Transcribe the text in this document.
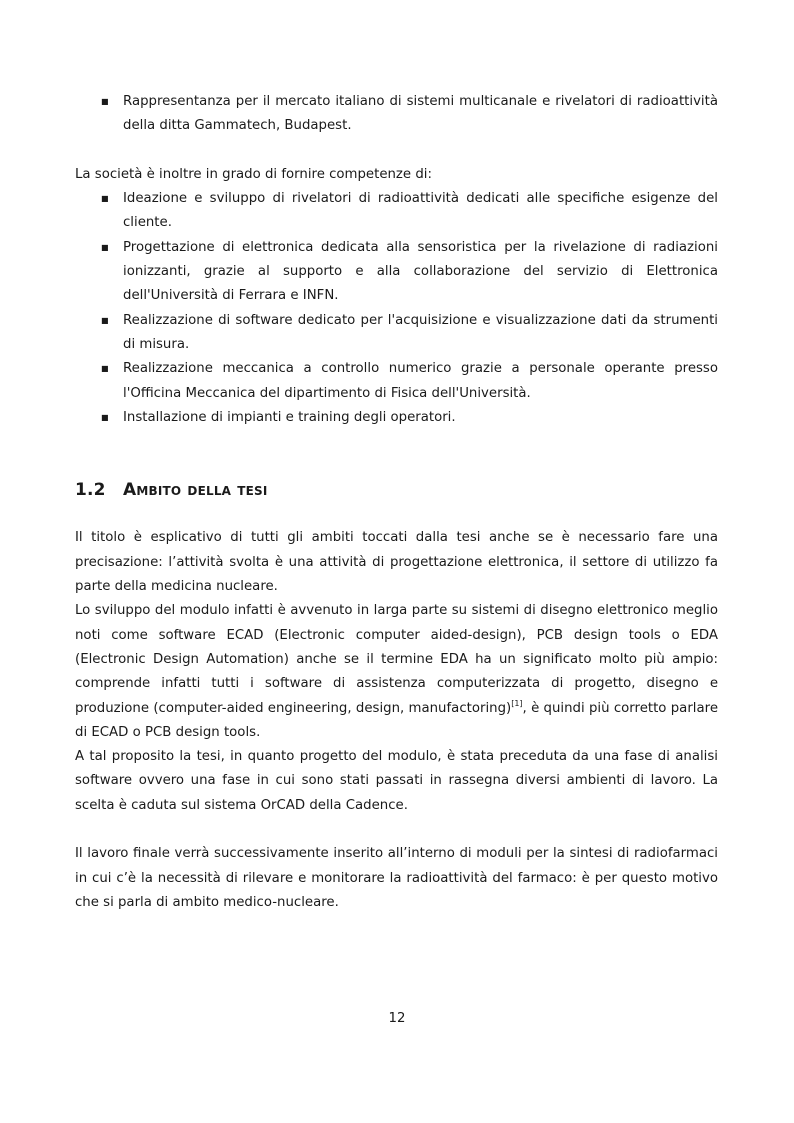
■ Rappresentanza per il mercato italiano di sistemi multicanale e rivelatori di radioattività della ditta Gammatech, Budapest.

La società è inoltre in grado di fornire competenze di:

■ Ideazione e sviluppo di rivelatori di radioattività dedicati alle specifiche esigenze del cliente.
■ Progettazione di elettronica dedicata alla sensoristica per la rivelazione di radiazioni ionizzanti, grazie al supporto e alla collaborazione del servizio di Elettronica dell'Università di Ferrara e INFN.
■ Realizzazione di software dedicato per l'acquisizione e visualizzazione dati da strumenti di misura.
■ Realizzazione meccanica a controllo numerico grazie a personale operante presso l'Officina Meccanica del dipartimento di Fisica dell'Università.
■ Installazione di impianti e training degli operatori.
1.2 Ambito della tesi

Il titolo è esplicativo di tutti gli ambiti toccati dalla tesi anche se è necessario fare una precisazione: l’attività svolta è una attività di progettazione elettronica, il settore di utilizzo fa parte della medicina nucleare.

Lo sviluppo del modulo infatti è avvenuto in larga parte su sistemi di disegno elettronico meglio noti come software ECAD (Electronic computer aided-design), PCB design tools o EDA (Electronic Design Automation) anche se il termine EDA ha un significato molto più ampio: comprende infatti tutti i software di assistenza computerizzata di progetto, disegno e produzione (computer-aided engineering, design, manufactoring)[1], è quindi più corretto parlare di ECAD o PCB design tools.

A tal proposito la tesi, in quanto progetto del modulo, è stata preceduta da una fase di analisi software ovvero una fase in cui sono stati passati in rassegna diversi ambienti di lavoro. La scelta è caduta sul sistema OrCAD della Cadence.

Il lavoro finale verrà successivamente inserito all’interno di moduli per la sintesi di radiofarmaci in cui c’è la necessità di rilevare e monitorare la radioattività del farmaco: è per questo motivo che si parla di ambito medico-nucleare.

12
